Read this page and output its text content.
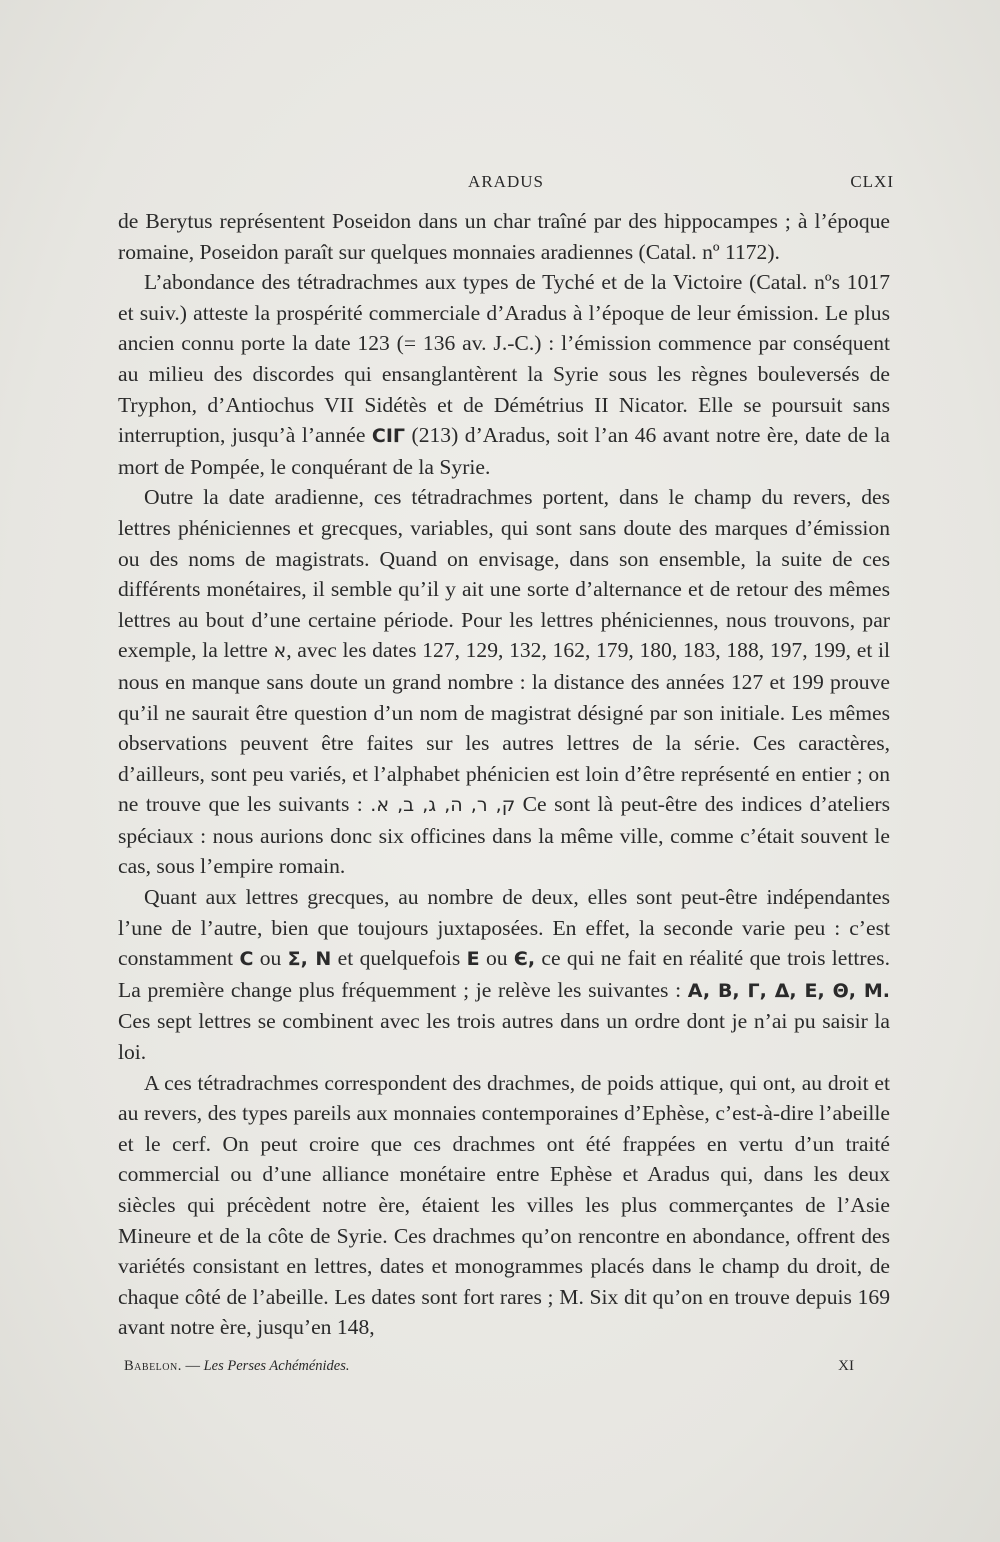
ARADUS	CLXI

de Berytus représentent Poseidon dans un char traîné par des hippocampes ; à l’époque romaine, Poseidon paraît sur quelques monnaies aradiennes (Catal. nº 1172).

L’abondance des tétradrachmes aux types de Tyché et de la Victoire (Catal. nºs 1017 et suiv.) atteste la prospérité commerciale d’Aradus à l’époque de leur émission. Le plus ancien connu porte la date 123 (= 136 av. J.-C.) : l’émission commence par conséquent au milieu des discordes qui ensanglantèrent la Syrie sous les règnes bouleversés de Tryphon, d’Antiochus VII Sidétès et de Démétrius II Nicator. Elle se poursuit sans interruption, jusqu’à l’année CIΓ (213) d’Aradus, soit l’an 46 avant notre ère, date de la mort de Pompée, le conquérant de la Syrie.

Outre la date aradienne, ces tétradrachmes portent, dans le champ du revers, des lettres phéniciennes et grecques, variables, qui sont sans doute des marques d’émission ou des noms de magistrats. Quand on envisage, dans son ensemble, la suite de ces différents monétaires, il semble qu’il y ait une sorte d’alternance et de retour des mêmes lettres au bout d’une certaine période. Pour les lettres phéniciennes, nous trouvons, par exemple, la lettre א, avec les dates 127, 129, 132, 162, 179, 180, 183, 188, 197, 199, et il nous en manque sans doute un grand nombre : la distance des années 127 et 199 prouve qu’il ne saurait être question d’un nom de magistrat désigné par son initiale. Les mêmes observations peuvent être faites sur les autres lettres de la série. Ces caractères, d’ailleurs, sont peu variés, et l’alphabet phénicien est loin d’être représenté en entier ; on ne trouve que les suivants : ק, ר, ה, ג, ב, א. Ce sont là peut-être des indices d’ateliers spéciaux : nous aurions donc six officines dans la même ville, comme c’était souvent le cas, sous l’empire romain.

Quant aux lettres grecques, au nombre de deux, elles sont peut-être indépendantes l’une de l’autre, bien que toujours juxtaposées. En effet, la seconde varie peu : c’est constamment C ou Σ, N et quelquefois E ou Є, ce qui ne fait en réalité que trois lettres. La première change plus fréquemment ; je relève les suivantes : A, B, Γ, Δ, E, Θ, M. Ces sept lettres se combinent avec les trois autres dans un ordre dont je n’ai pu saisir la loi.

A ces tétradrachmes correspondent des drachmes, de poids attique, qui ont, au droit et au revers, des types pareils aux monnaies contemporaines d’Ephèse, c’est-à-dire l’abeille et le cerf. On peut croire que ces drachmes ont été frappées en vertu d’un traité commercial ou d’une alliance monétaire entre Ephèse et Aradus qui, dans les deux siècles qui précèdent notre ère, étaient les villes les plus commerçantes de l’Asie Mineure et de la côte de Syrie. Ces drachmes qu’on rencontre en abondance, offrent des variétés consistant en lettres, dates et monogrammes placés dans le champ du droit, de chaque côté de l’abeille. Les dates sont fort rares ; M. Six dit qu’on en trouve depuis 169 avant notre ère, jusqu’en 148,

Babelon. — Les Perses Achéménides.	XI
